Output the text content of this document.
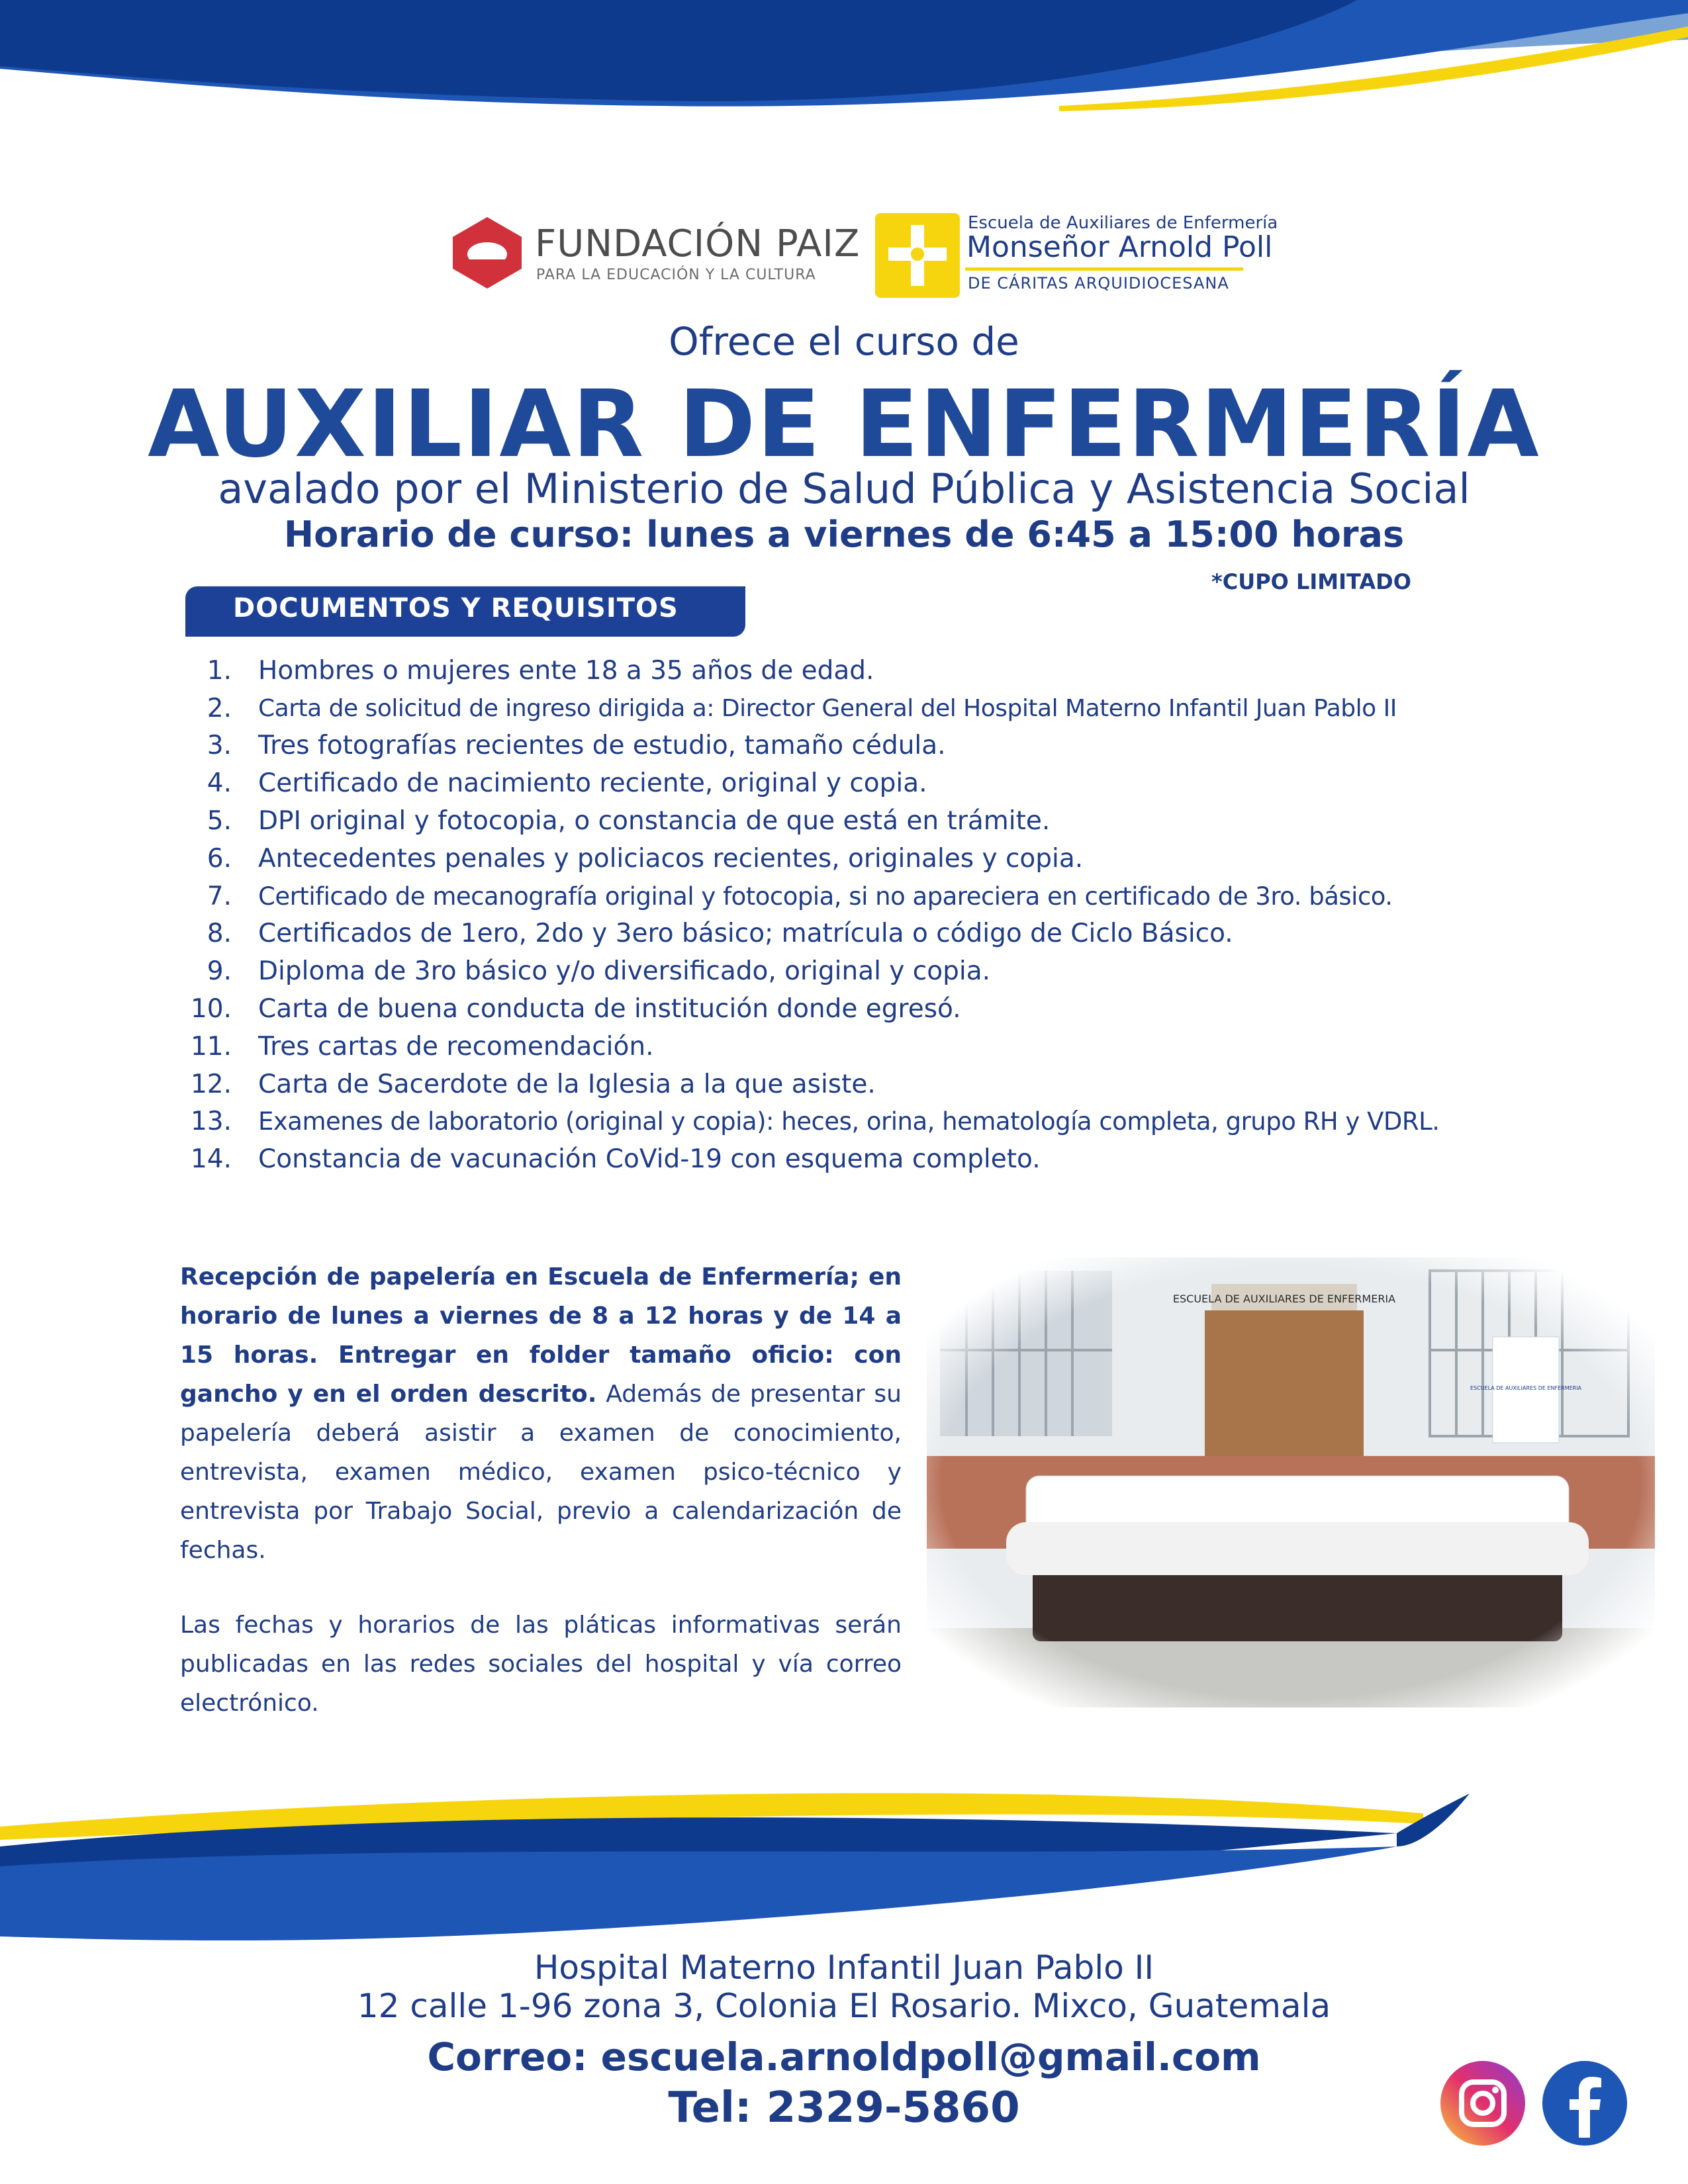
FUNDACIÓN PAIZ
PARA LA EDUCACIÓN Y LA CULTURA
Escuela de Auxiliares de Enfermería
Monseñor Arnold Poll
DE CÁRITAS ARQUIDIOCESANA
Ofrece el curso de
AUXILIAR DE ENFERMERÍA
avalado por el Ministerio de Salud Pública y Asistencia Social
Horario de curso: lunes a viernes de 6:45 a 15:00 horas
*CUPO LIMITADO
DOCUMENTOS Y REQUISITOS
1.	Hombres o mujeres ente 18 a 35 años de edad.
2.	Carta de solicitud de ingreso dirigida a: Director General del Hospital Materno Infantil Juan Pablo II
3.	Tres fotografías recientes de estudio, tamaño cédula.
4.	Certificado de nacimiento reciente, original y copia.
5.	DPI original y fotocopia, o constancia de que está en trámite.
6.	Antecedentes penales y policiacos recientes, originales y copia.
7.	Certificado de mecanografía original y fotocopia, si no apareciera en certificado de 3ro. básico.
8.	Certificados de 1ero, 2do y 3ero básico; matrícula o código de Ciclo Básico.
9.	Diploma de 3ro básico y/o diversificado, original y copia.
10.	Carta de buena conducta de institución donde egresó.
11.	Tres cartas de recomendación.
12.	Carta de Sacerdote de la Iglesia a la que asiste.
13.	Examenes de laboratorio (original y copia): heces, orina, hematología completa, grupo RH y VDRL.
14.	Constancia de vacunación CoVid-19 con esquema completo.
Recepción de papelería en Escuela de Enfermería; en horario de lunes a viernes de 8 a 12 horas y de 14 a 15 horas. Entregar en folder tamaño oficio: con gancho y en el orden descrito. Además de presentar su papelería deberá asistir a examen de conocimiento, entrevista, examen médico, examen psico-técnico y entrevista por Trabajo Social, previo a calendarización de fechas.
Las fechas y horarios de las pláticas informativas serán publicadas en las redes sociales del hospital y vía correo electrónico.
Hospital Materno Infantil Juan Pablo II
12 calle 1-96 zona 3, Colonia El Rosario. Mixco, Guatemala
Correo: escuela.arnoldpoll@gmail.com
Tel: 2329-5860
